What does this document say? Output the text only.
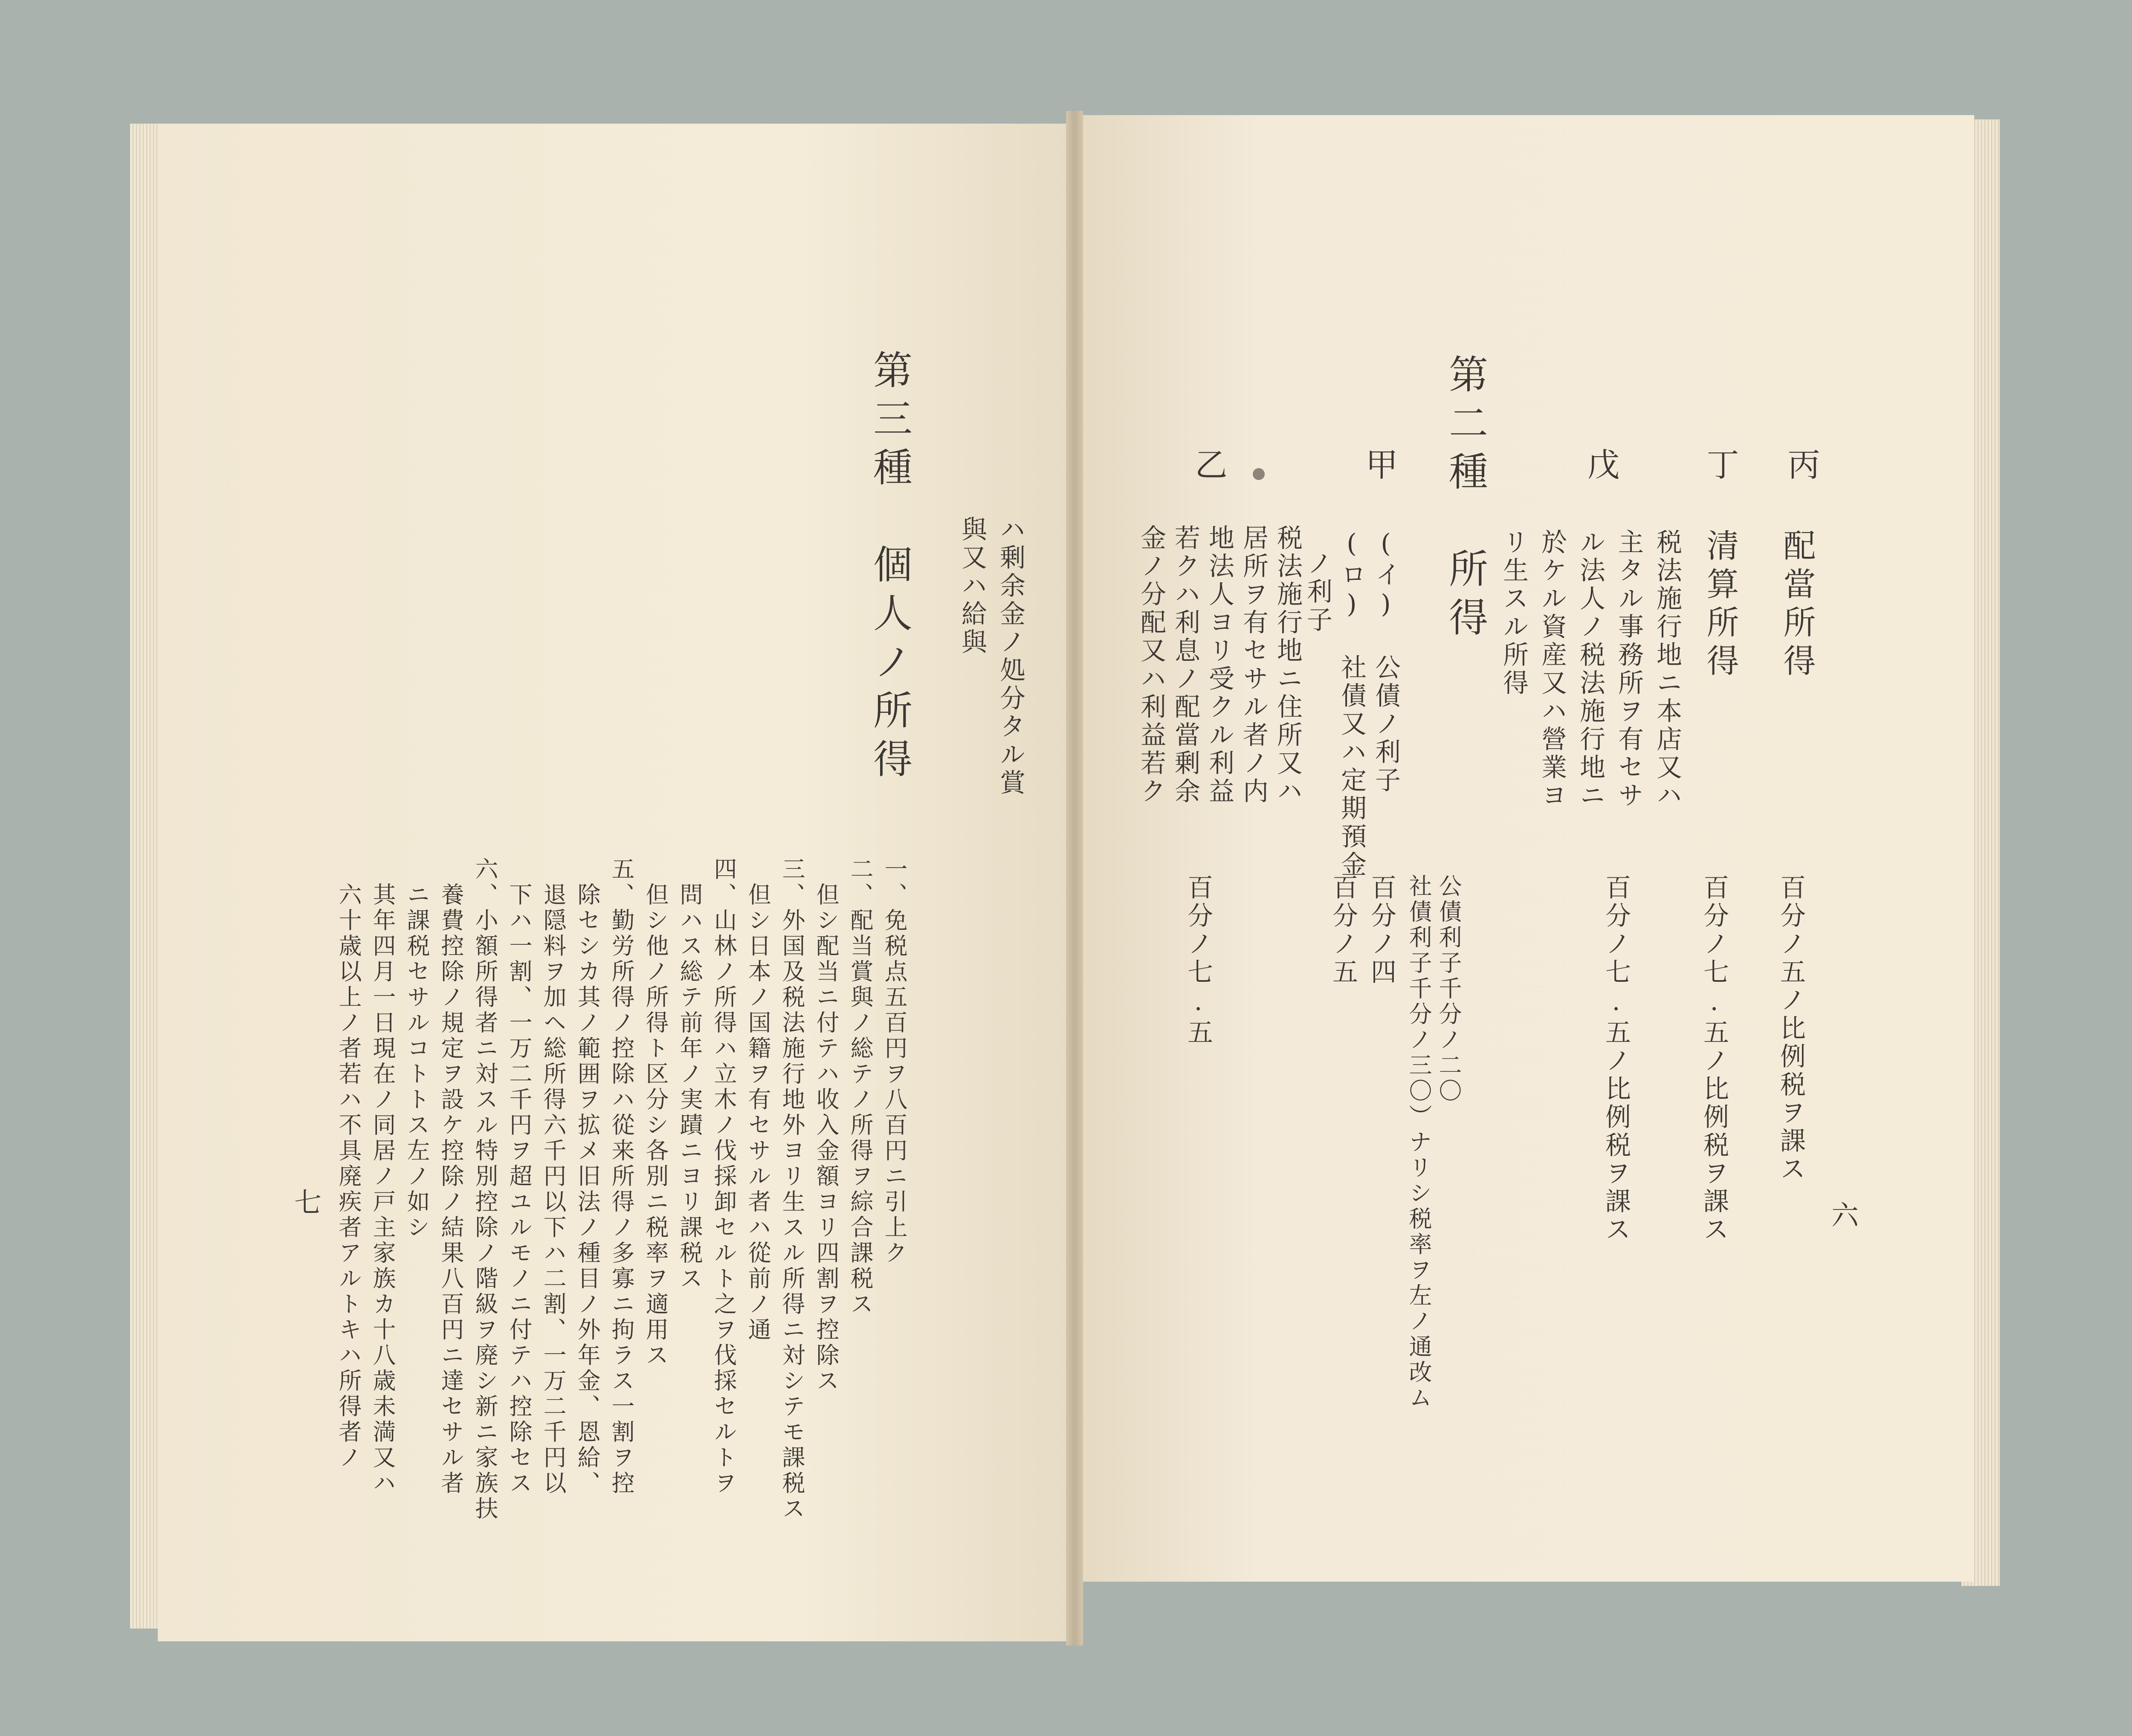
丙
配當所得
百分ノ五ノ比例税ヲ課ス
丁
清算所得
百分ノ七.五ノ比例税ヲ課ス
戊
税法施行地ニ本店又ハ
主タル事務所ヲ有セサ
ル法人ノ税法施行地ニ
於ケル資産又ハ營業ヨ
リ生スル所得
百分ノ七.五ノ比例税ヲ課ス
第二種　所得
甲
(イ) 公債ノ利子
(ロ) 社債又ハ定期預金
ノ利子
公債利子千分ノ二〇
社債利子千分ノ三〇）ナリシ税率ヲ左ノ通改ム
百分ノ四
百分ノ五
乙
税法施行地ニ住所又ハ
居所ヲ有セサル者ノ内
地法人ヨリ受クル利益
若クハ利息ノ配當剰余
金ノ分配又ハ利益若ク
百分ノ七.五
六
第三種　個人ノ所得	ハ剰余金ノ処分タル賞
與又ハ給與
一、免税点五百円ヲ八百円ニ引上ク
二、配当賞與ノ総テノ所得ヲ綜合課税ス
　但シ配当ニ付テハ收入金額ヨリ四割ヲ控除ス
三、外国及税法施行地外ヨリ生スル所得ニ対シテモ課税ス
　但シ日本ノ国籍ヲ有セサル者ハ從前ノ通
四、山林ノ所得ハ立木ノ伐採卸セルト之ヲ伐採セルトヲ
　問ハス総テ前年ノ実蹟ニヨリ課税ス
　但シ他ノ所得ト区分シ各別ニ税率ヲ適用ス
五、勤労所得ノ控除ハ從来所得ノ多寡ニ拘ラス一割ヲ控
　除セシカ其ノ範囲ヲ拡メ旧法ノ種目ノ外年金、恩給、
　退隠料ヲ加ヘ総所得六千円以下ハ二割、一万二千円以
　下ハ一割、一万二千円ヲ超ユルモノニ付テハ控除セス
六、小額所得者ニ対スル特別控除ノ階級ヲ廃シ新ニ家族扶
　養費控除ノ規定ヲ設ケ控除ノ結果八百円ニ達セサル者
　ニ課税セサルコトトス左ノ如シ
　其年四月一日現在ノ同居ノ戸主家族カ十八歳未満又ハ
　六十歳以上ノ者若ハ不具廃疾者アルトキハ所得者ノ
七
